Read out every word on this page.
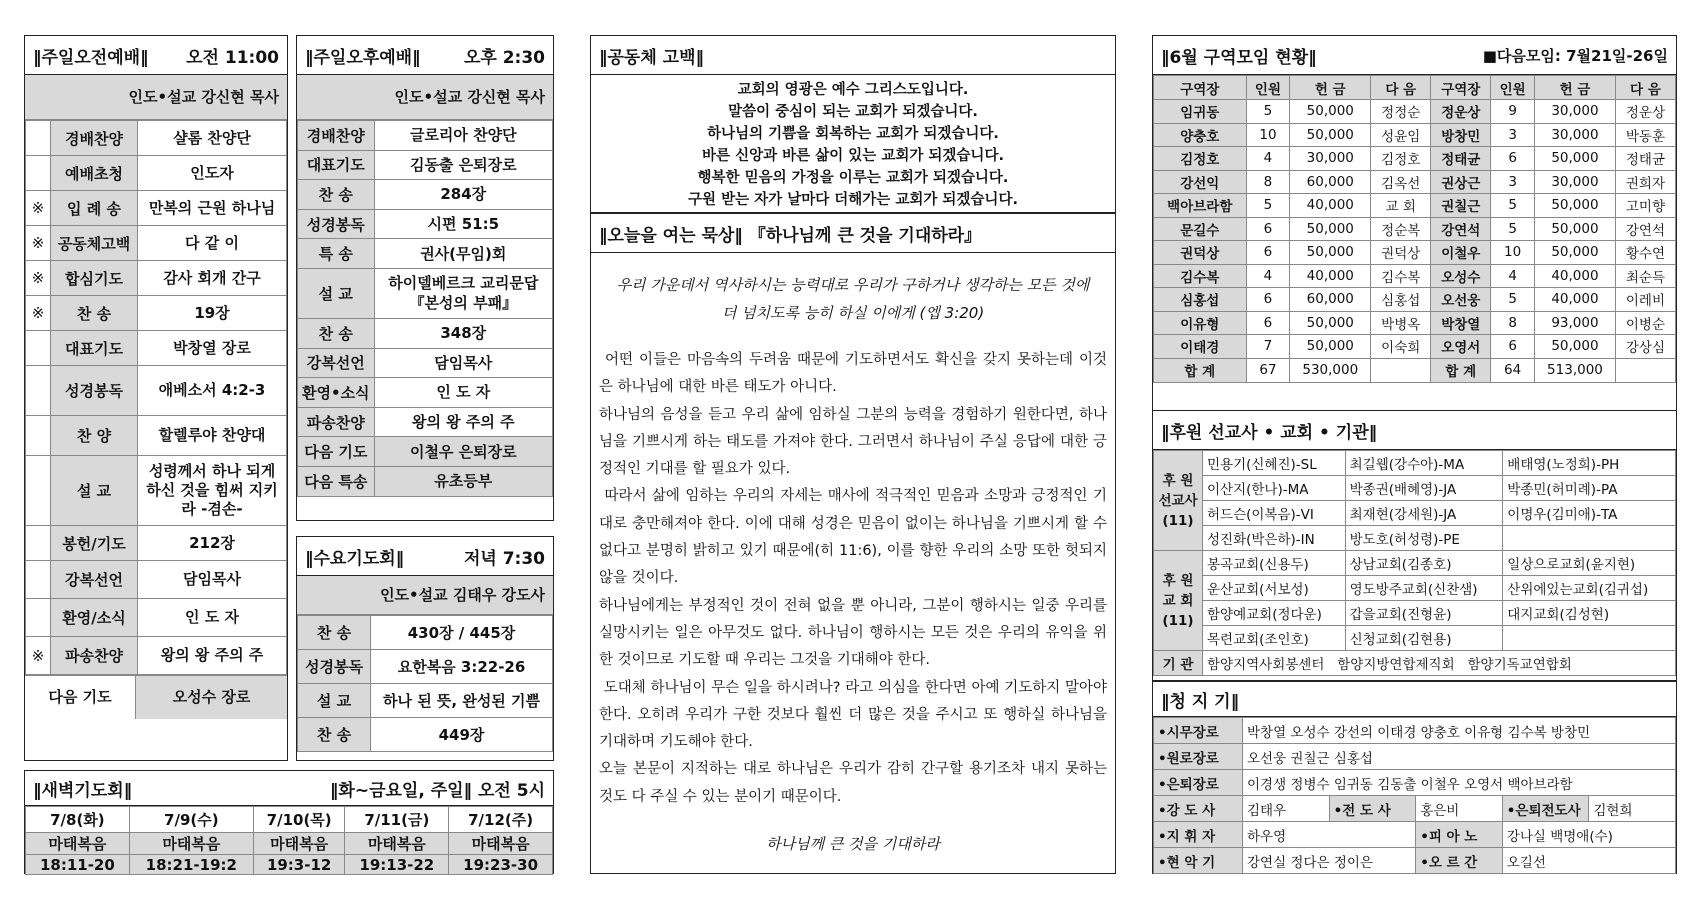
‖주일오전예배‖ 오전 11:00
인도•설교 강신현 목사
	경배찬양	샬롬 찬양단
	예배초청	인도자
※	입 례 송	만복의 근원 하나님
※	공동체고백	다 같 이
※	합심기도	감사 회개 간구
※	찬 송	19장
	대표기도	박창열 장로
	성경봉독	애베소서 4:2-3
	찬 양	할렐루야 찬양대
	설 교	성령께서 하나 되게 하신 것을 힘써 지키라 -겸손-
	봉헌/기도	212장
	강복선언	담임목사
	환영/소식	인 도 자
※	파송찬양	왕의 왕 주의 주
다음 기도	오성수 장로
‖주일오후예배‖	오후 2:30
인도•설교 강신현 목사
경배찬양	글로리아 찬양단
대표기도	김동출 은퇴장로
찬 송	284장
성경봉독	시편 51:5
특 송	권사(무임)회
설 교	하이델베르크 교리문답 『본성의 부패』
찬 송	348장
강복선언	담임목사
환영•소식	인 도 자
파송찬양	왕의 왕 주의 주
다음 기도	이철우 은퇴장로
다음 특송	유초등부
‖수요기도회‖	저녁 7:30
인도•설교 김태우 강도사
찬 송	430장 / 445장
성경봉독	요한복음 3:22-26
설 교	하나 된 뜻, 완성된 기쁨
찬 송	449장
‖새벽기도회‖	‖화~금요일, 주일‖ 오전 5시
7/8(화)	7/9(수)	7/10(목)	7/11(금)	7/12(주)
마태복음	마태복음	마태복음	마태복음	마태복음
18:11-20	18:21-19:2	19:3-12	19:13-22	19:23-30
‖공동체 고백‖
교회의 영광은 예수 그리스도입니다.
말씀이 중심이 되는 교회가 되겠습니다.
하나님의 기쁨을 회복하는 교회가 되겠습니다.
바른 신앙과 바른 삶이 있는 교회가 되겠습니다.
행복한 믿음의 가정을 이루는 교회가 되겠습니다.
구원 받는 자가 날마다 더해가는 교회가 되겠습니다.
‖오늘을 여는 묵상‖ 『하나님께 큰 것을 기대하라』
우리 가운데서 역사하시는 능력대로 우리가 구하거나 생각하는 모든 것에
더 넘치도록 능히 하실 이에게 (엡 3:20)
어떤 이들은 마음속의 두려움 때문에 기도하면서도 확신을 갖지 못하는데 이것은 하나님에 대한 바른 태도가 아니다.
하나님의 음성을 듣고 우리 삶에 임하실 그분의 능력을 경험하기 원한다면, 하나님을 기쁘시게 하는 태도를 가져야 한다. 그러면서 하나님이 주실 응답에 대한 긍정적인 기대를 할 필요가 있다.
따라서 삶에 임하는 우리의 자세는 매사에 적극적인 믿음과 소망과 긍정적인 기대로 충만해져야 한다. 이에 대해 성경은 믿음이 없이는 하나님을 기쁘시게 할 수 없다고 분명히 밝히고 있기 때문에(히 11:6), 이를 향한 우리의 소망 또한 헛되지 않을 것이다.
하나님에게는 부정적인 것이 전혀 없을 뿐 아니라, 그분이 행하시는 일중 우리를 실망시키는 일은 아무것도 없다. 하나님이 행하시는 모든 것은 우리의 유익을 위한 것이므로 기도할 때 우리는 그것을 기대해야 한다.
도대체 하나님이 무슨 일을 하시려나? 라고 의심을 한다면 아예 기도하지 말아야 한다. 오히려 우리가 구한 것보다 훨씬 더 많은 것을 주시고 또 행하실 하나님을 기대하며 기도해야 한다.
오늘 본문이 지적하는 대로 하나님은 우리가 감히 간구할 용기조차 내지 못하는 것도 다 주실 수 있는 분이기 때문이다.
하나님께 큰 것을 기대하라
‖6월 구역모임 현황‖	■다음모임: 7월21일-26일
구역장	인원	헌 금	다 음	구역장	인원	헌 금	다 음
임귀동	5	50,000	정정순	정운상	9	30,000	정운상
양충호	10	50,000	성윤임	방창민	3	30,000	박동훈
김정호	4	30,000	김정호	정태균	6	50,000	정태균
강선익	8	60,000	김옥선	권상근	3	30,000	권희자
백아브라함	5	40,000	교 회	권칠근	5	50,000	고미향
문길수	6	50,000	정순복	강연석	5	50,000	강연석
권덕상	6	50,000	권덕상	이철우	10	50,000	황수연
김수복	4	40,000	김수복	오성수	4	40,000	최순득
심홍섭	6	60,000	심홍섭	오선웅	5	40,000	이레비
이유형	6	50,000	박병옥	박창열	8	93,000	이병순
이태경	7	50,000	이숙희	오영서	6	50,000	강상심
합 계	67	530,000		합 계	64	513,000	
‖후원 선교사 • 교회 • 기관‖
후 원 선교사 (11)	민용기(신혜진)-SL	최길웹(강수아)-MA	배태영(노정희)-PH
	이산지(한나)-MA	박종권(배혜영)-JA	박종민(허미례)-PA
	허드슨(이복음)-VI	최재현(강세원)-JA	이명우(김미애)-TA
	성진화(박은하)-IN	방도호(허성령)-PE	
후 원 교 회 (11)	봉곡교회(신용두)	상남교회(김종호)	일상으로교회(윤지현)
	운산교회(서보성)	영도방주교회(신찬샘)	산위에있는교회(김귀섭)
	함양예교회(정다운)	갑을교회(진형윤)	대지교회(김성현)
	목련교회(조인호)	신청교회(김현용)	
기 관	함양지역사회봉센터   함양지방연합제직회   함양기독교연합회		
‖청 지 기‖
•시무장로	박창열 오성수 강선의 이태경 양충호 이유형 김수복 방창민				
•원로장로	오선웅 권칠근 심홍섭				
•은퇴장로	이경생 정병수 임귀동 김동출 이철우 오영서 백아브라함				
•강 도 사	김태우	•전 도 사	홍은비	•은퇴전도사	김현희
•지 휘 자	하우영		•피 아 노	강나실 백명애(수)	
•현 악 기	강연실 정다은 정이은		•오 르 간	오길선	
